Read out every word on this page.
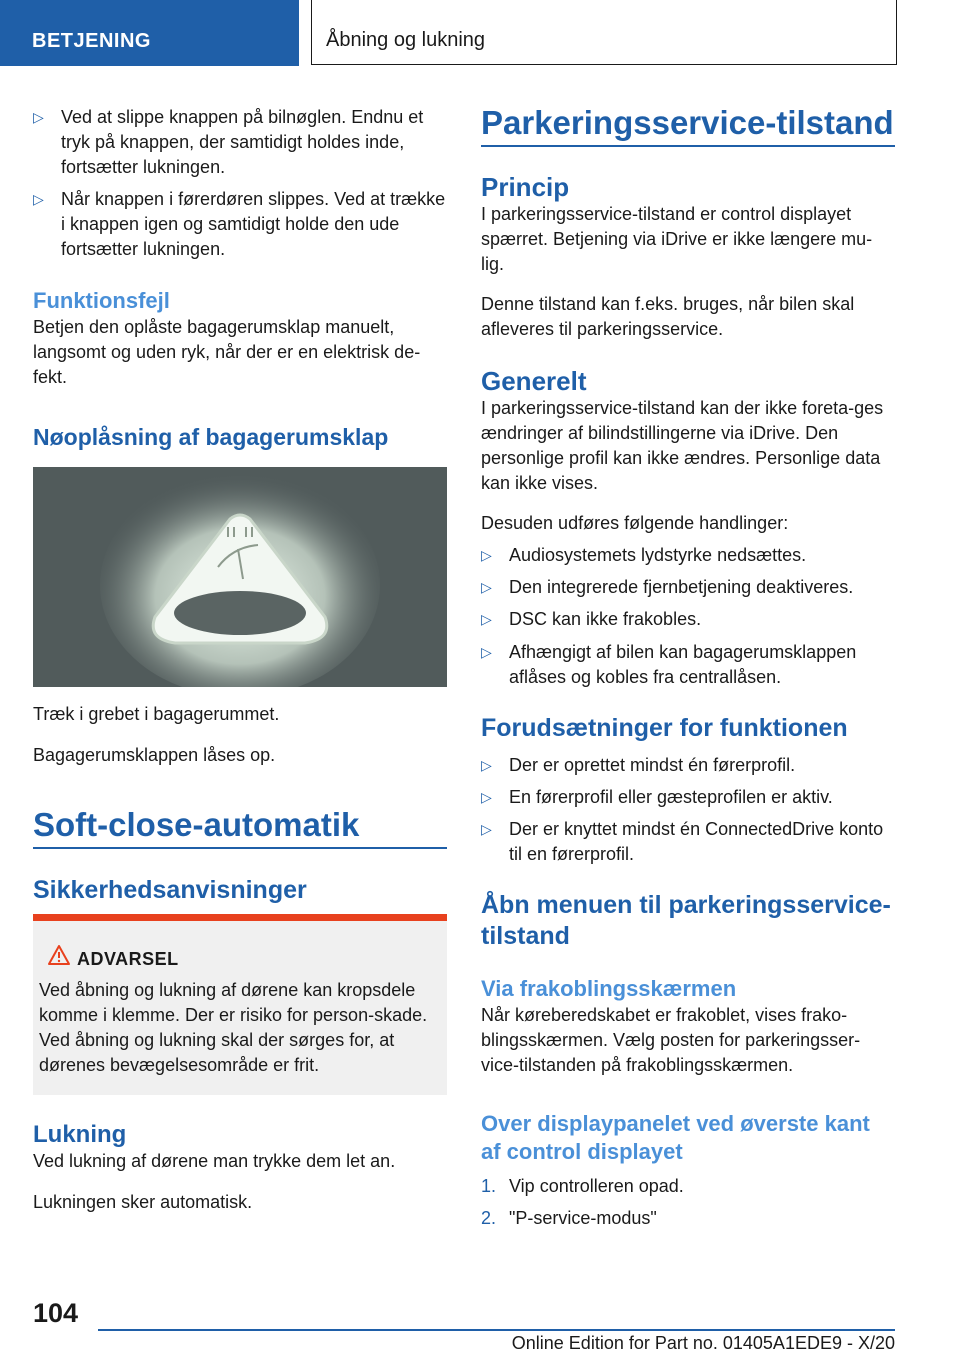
BETJENING	Åbning og lukning
▷ Ved at slippe knappen på bilnøglen. Endnu et tryk på knappen, der samtidigt holdes inde, fortsætter lukningen.
▷ Når knappen i førerdøren slippes. Ved at trække i knappen igen og samtidigt holde den ude fortsætter lukningen.
Funktionsfejl

Betjen den oplåste bagagerumsklap manuelt, langsomt og uden ryk, når der er en elektrisk de-fekt.

Nøoplåsning af bagagerumsklap

Træk i grebet i bagagerummet.

Bagagerumsklappen låses op.

Soft-close-automatik
Sikkerhedsanvisninger
ADVARSEL

Ved åbning og lukning af dørene kan kropsdele komme i klemme. Der er risiko for person-skade. Ved åbning og lukning skal der sørges for, at dørenes bevægelsesområde er frit.

Lukning

Ved lukning af dørene man trykke dem let an.

Lukningen sker automatisk.

Parkeringsservice-tilstand
Princip

I parkeringsservice-tilstand er control displayet spærret. Betjening via iDrive er ikke længere mu-lig.

Denne tilstand kan f.eks. bruges, når bilen skal afleveres til parkeringsservice.

Generelt

I parkeringsservice-tilstand kan der ikke foreta-ges ændringer af bilindstillingerne via iDrive. Den personlige profil kan ikke ændres. Personlige data kan ikke vises.

Desuden udføres følgende handlinger:

▷ Audiosystemets lydstyrke nedsættes.
▷ Den integrerede fjernbetjening deaktiveres.
▷ DSC kan ikke frakobles.
▷ Afhængigt af bilen kan bagagerumsklappen aflåses og kobles fra centrallåsen.
Forudsætninger for funktionen
▷ Der er oprettet mindst én førerprofil.
▷ En førerprofil eller gæsteprofilen er aktiv.
▷ Der er knyttet mindst én ConnectedDrive konto til en førerprofil.
Åbn menuen til parkeringsservice-tilstand
Via frakoblingsskærmen

Når køreberedskabet er frakoblet, vises frako-blingsskærmen. Vælg posten for parkeringsser-vice-tilstanden på frakoblingsskærmen.

Over displaypanelet ved øverste kant af control displayet
1. Vip controlleren opad.
2. "P-service-modus"
104
Online Edition for Part no. 01405A1EDE9 - X/20
